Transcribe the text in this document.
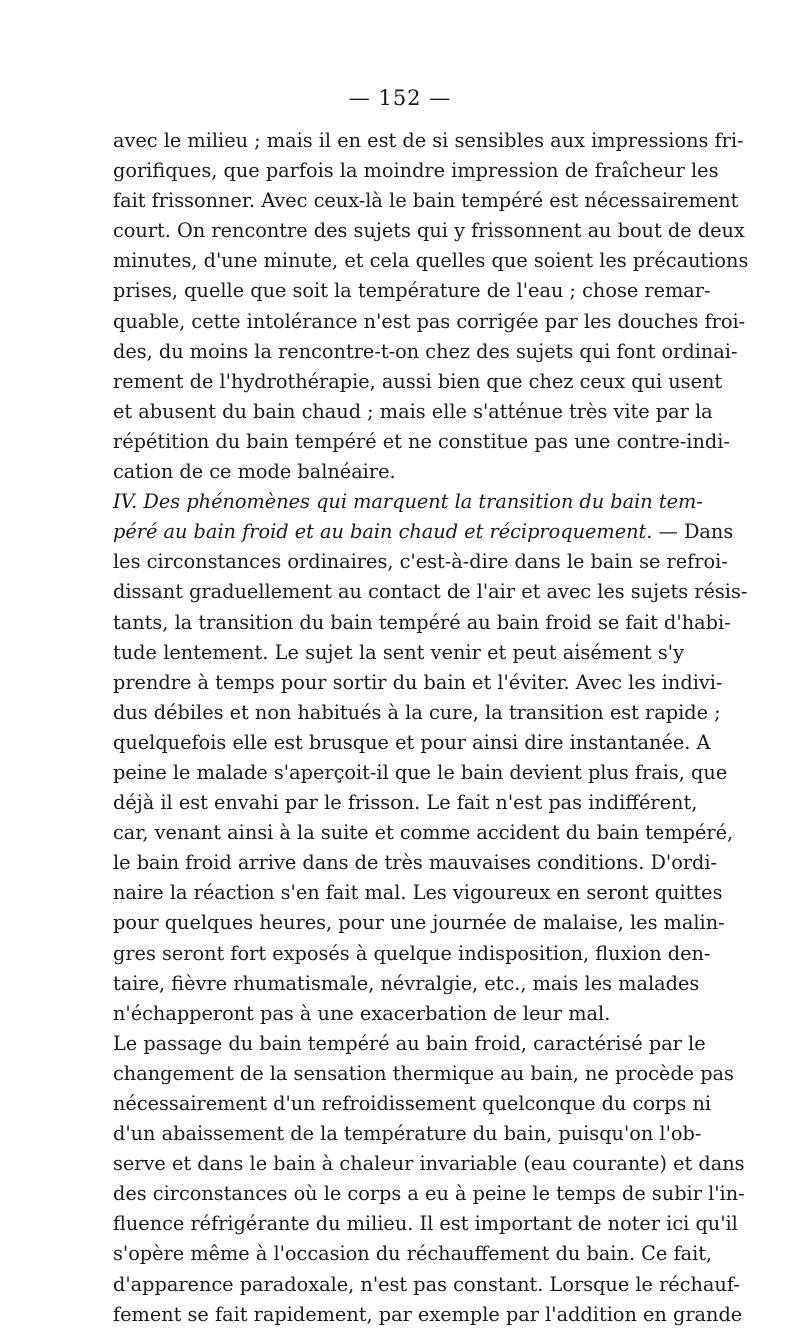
— 152 —
avec le milieu ; mais il en est de si sensibles aux impressions fri-
gorifiques, que parfois la moindre impression de fraîcheur les
fait frissonner. Avec ceux-là le bain tempéré est nécessairement
court. On rencontre des sujets qui y frissonnent au bout de deux
minutes, d'une minute, et cela quelles que soient les précautions
prises, quelle que soit la température de l'eau ; chose remar-
quable, cette intolérance n'est pas corrigée par les douches froi-
des, du moins la rencontre-t-on chez des sujets qui font ordinai-
rement de l'hydrothérapie, aussi bien que chez ceux qui usent
et abusent du bain chaud ; mais elle s'atténue très vite par la
répétition du bain tempéré et ne constitue pas une contre-indi-
cation de ce mode balnéaire.
IV. Des phénomènes qui marquent la transition du bain tem-
péré au bain froid et au bain chaud et réciproquement. — Dans
les circonstances ordinaires, c'est-à-dire dans le bain se refroi-
dissant graduellement au contact de l'air et avec les sujets résis-
tants, la transition du bain tempéré au bain froid se fait d'habi-
tude lentement. Le sujet la sent venir et peut aisément s'y
prendre à temps pour sortir du bain et l'éviter. Avec les indivi-
dus débiles et non habitués à la cure, la transition est rapide ;
quelquefois elle est brusque et pour ainsi dire instantanée. A
peine le malade s'aperçoit-il que le bain devient plus frais, que
déjà il est envahi par le frisson. Le fait n'est pas indifférent,
car, venant ainsi à la suite et comme accident du bain tempéré,
le bain froid arrive dans de très mauvaises conditions. D'ordi-
naire la réaction s'en fait mal. Les vigoureux en seront quittes
pour quelques heures, pour une journée de malaise, les malin-
gres seront fort exposés à quelque indisposition, fluxion den-
taire, fièvre rhumatismale, névralgie, etc., mais les malades
n'échapperont pas à une exacerbation de leur mal.
Le passage du bain tempéré au bain froid, caractérisé par le
changement de la sensation thermique au bain, ne procède pas
nécessairement d'un refroidissement quelconque du corps ni
d'un abaissement de la température du bain, puisqu'on l'ob-
serve et dans le bain à chaleur invariable (eau courante) et dans
des circonstances où le corps a eu à peine le temps de subir l'in-
fluence réfrigérante du milieu. Il est important de noter ici qu'il
s'opère même à l'occasion du réchauffement du bain. Ce fait,
d'apparence paradoxale, n'est pas constant. Lorsque le réchauf-
fement se fait rapidement, par exemple par l'addition en grande
